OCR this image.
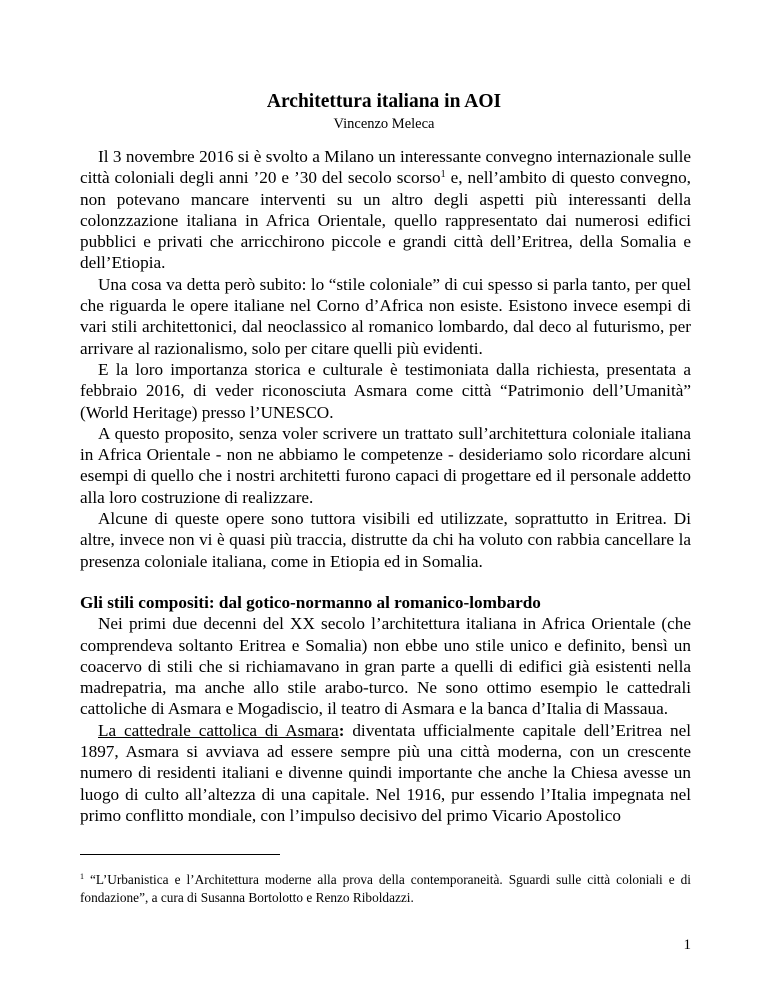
Architettura italiana in AOI
Vincenzo Meleca

Il 3 novembre 2016 si è svolto a Milano un interessante convegno internazionale sulle città coloniali degli anni ’20 e ’30 del secolo scorso$^1$ e, nell’ambito di questo convegno, non potevano mancare interventi su un altro degli aspetti più interessanti della colonzzazione italiana in Africa Orientale, quello rappresentato dai numerosi edifici pubblici e privati che arricchirono piccole e grandi città dell’Eritrea, della Somalia e dell’Etiopia.

Una cosa va detta però subito: lo “stile coloniale” di cui spesso si parla tanto, per quel che riguarda le opere italiane nel Corno d’Africa non esiste. Esistono invece esempi di vari stili architettonici, dal neoclassico al romanico lombardo, dal deco al futurismo, per arrivare al razionalismo, solo per citare quelli più evidenti.

E la loro importanza storica e culturale è testimoniata dalla richiesta, presentata a febbraio 2016, di veder riconosciuta Asmara come città “Patrimonio dell’Umanità” (World Heritage) presso l’UNESCO.

A questo proposito, senza voler scrivere un trattato sull’architettura coloniale italiana in Africa Orientale - non ne abbiamo le competenze - desideriamo solo ricordare alcuni esempi di quello che i nostri architetti furono capaci di progettare ed il personale addetto alla loro costruzione di realizzare.

Alcune di queste opere sono tuttora visibili ed utilizzate, soprattutto in Eritrea. Di altre, invece non vi è quasi più traccia, distrutte da chi ha voluto con rabbia cancellare la presenza coloniale italiana, come in Etiopia ed in Somalia.

Gli stili compositi: dal gotico-normanno al romanico-lombardo

Nei primi due decenni del XX secolo l’architettura italiana in Africa Orientale (che comprendeva soltanto Eritrea e Somalia) non ebbe uno stile unico e definito, bensì un coacervo di stili che si richiamavano in gran parte a quelli di edifici già esistenti nella madrepatria, ma anche allo stile arabo-turco. Ne sono ottimo esempio le cattedrali cattoliche di Asmara e Mogadiscio, il teatro di Asmara e la banca d’Italia di Massaua.

La cattedrale cattolica di Asmara: diventata ufficialmente capitale dell’Eritrea nel 1897, Asmara si avviava ad essere sempre più una città moderna, con un crescente numero di residenti italiani e divenne quindi importante che anche la Chiesa avesse un luogo di culto all’altezza di una capitale. Nel 1916, pur essendo l’Italia impegnata nel primo conflitto mondiale, con l’impulso decisivo del primo Vicario Apostolico

$^1$ “L’Urbanistica e l’Architettura moderne alla prova della contemporaneità. Sguardi sulle città coloniali e di fondazione”, a cura di Susanna Bortolotto e Renzo Riboldazzi.
1
